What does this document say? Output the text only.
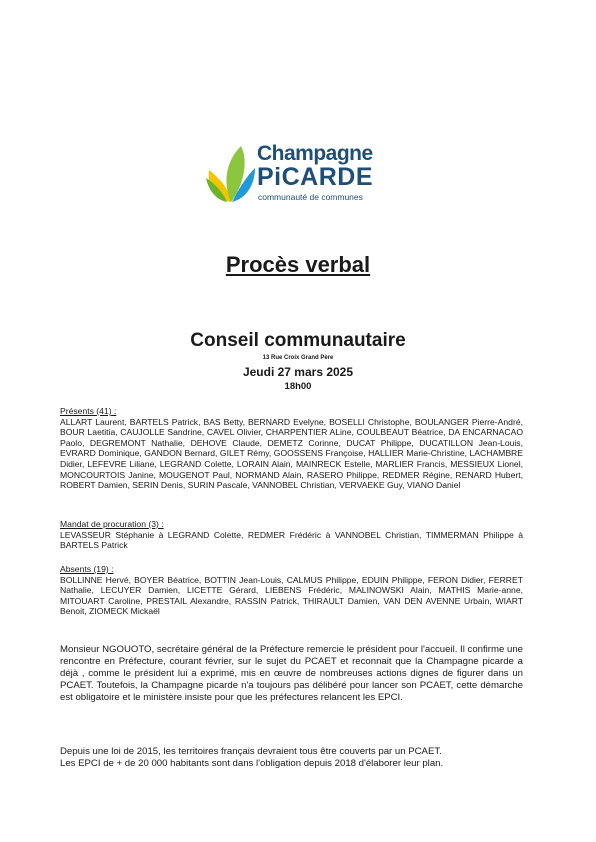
Champagne
PiCARDE
communauté de communes
Procès verbal
Conseil communautaire
13 Rue Croix Grand Père
Jeudi 27 mars 2025
18h00
Présents (41) :
ALLART Laurent, BARTELS Patrick, BAS Betty, BERNARD Evelyne, BOSELLI Christophe, BOULANGER Pierre-André, BOUR Laetitia, CAUJOLLE Sandrine, CAVEL Olivier, CHARPENTIER ALine, COULBEAUT Béatrice, DA ENCARNACAO Paolo, DEGREMONT Nathalie, DEHOVE Claude, DEMETZ Corinne, DUCAT Philippe, DUCATILLON Jean-Louis, EVRARD Dominique, GANDON Bernard, GILET Rémy, GOOSSENS Françoise, HALLIER Marie-Christine, LACHAMBRE Didier, LEFEVRE Liliane, LEGRAND Colette, LORAIN Alain, MAINRECK Estelle, MARLIER Francis, MESSIEUX Lionel, MONCOURTOIS Janine, MOUGENOT Paul, NORMAND Alain, RASERO Philippe, REDMER Régine, RENARD Hubert, ROBERT Damien, SERIN Denis, SURIN Pascale, VANNOBEL Christian, VERVAEKE Guy, VIANO Daniel
Mandat de procuration (3) :
LEVASSEUR Stéphanie à LEGRAND Colette, REDMER Frédéric à VANNOBEL Christian, TIMMERMAN Philippe à BARTELS Patrick
Absents (19) :
BOLLINNE Hervé, BOYER Béatrice, BOTTIN Jean-Louis, CALMUS Philippe, EDUIN Philippe, FERON Didier, FERRET Nathalie, LECUYER Damien, LICETTE Gérard, LIEBENS Frédéric, MALINOWSKI Alain, MATHIS Marie-anne, MITOUART Caroline, PRESTAIL Alexandre, RASSIN Patrick, THIRAULT Damien, VAN DEN AVENNE Urbain, WIART Benoit, ZIOMECK Mickaël
Monsieur NGOUOTO, secrétaire général de la Préfecture remercie le président pour l'accueil. Il confirme une rencontre en Préfecture, courant février, sur le sujet du PCAET et reconnait que la Champagne picarde a déjà , comme le président lui a exprimé, mis en œuvre de nombreuses actions dignes de figurer dans un PCAET. Toutefois, la Champagne picarde n'a toujours pas délibéré pour lancer son PCAET, cette démarche est obligatoire et le ministère insiste pour que les préfectures relancent les EPCI.
Depuis une loi de 2015, les territoires français devraient tous être couverts par un PCAET.
Les EPCI de + de 20 000 habitants sont dans l'obligation depuis 2018 d'élaborer leur plan.
